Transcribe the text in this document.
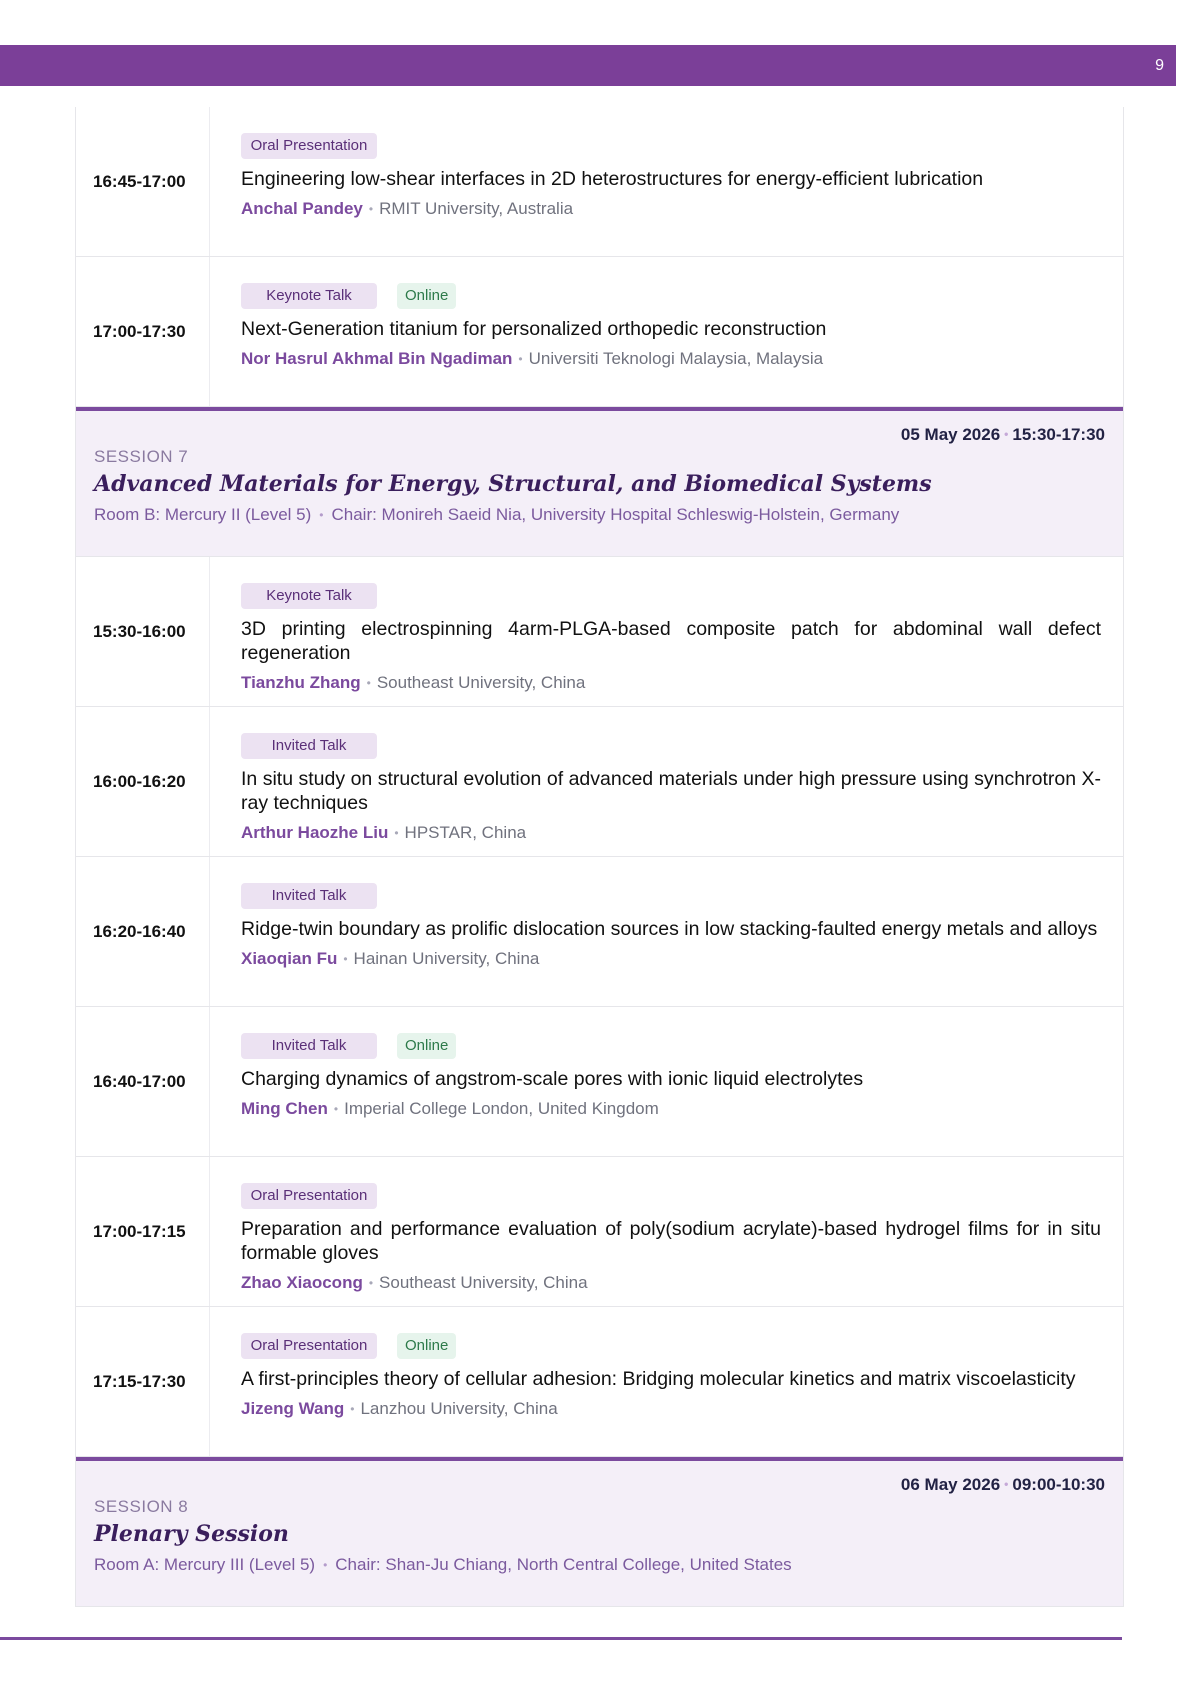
9
16:45-17:00
Oral Presentation
Engineering low-shear interfaces in 2D heterostructures for energy-efficient lubrication
Anchal Pandey • RMIT University, Australia
17:00-17:30
Keynote Talk	Online
Next-Generation titanium for personalized orthopedic reconstruction
Nor Hasrul Akhmal Bin Ngadiman • Universiti Teknologi Malaysia, Malaysia
05 May 2026 • 15:30-17:30
SESSION 7
Advanced Materials for Energy, Structural, and Biomedical Systems
Room B: Mercury II (Level 5) • Chair: Monireh Saeid Nia, University Hospital Schleswig-Holstein, Germany
15:30-16:00
Keynote Talk
3D printing electrospinning 4arm-PLGA-based composite patch for abdominal wall defect regeneration
Tianzhu Zhang • Southeast University, China
16:00-16:20
Invited Talk
In situ study on structural evolution of advanced materials under high pressure using synchrotron X-ray techniques
Arthur Haozhe Liu • HPSTAR, China
16:20-16:40
Invited Talk
Ridge-twin boundary as prolific dislocation sources in low stacking-faulted energy metals and alloys
Xiaoqian Fu • Hainan University, China
16:40-17:00
Invited Talk	Online
Charging dynamics of angstrom-scale pores with ionic liquid electrolytes
Ming Chen • Imperial College London, United Kingdom
17:00-17:15
Oral Presentation
Preparation and performance evaluation of poly(sodium acrylate)-based hydrogel films for in situ formable gloves
Zhao Xiaocong • Southeast University, China
17:15-17:30
Oral Presentation	Online
A first-principles theory of cellular adhesion: Bridging molecular kinetics and matrix viscoelasticity
Jizeng Wang • Lanzhou University, China
06 May 2026 • 09:00-10:30
SESSION 8
Plenary Session
Room A: Mercury III (Level 5) • Chair: Shan-Ju Chiang, North Central College, United States
